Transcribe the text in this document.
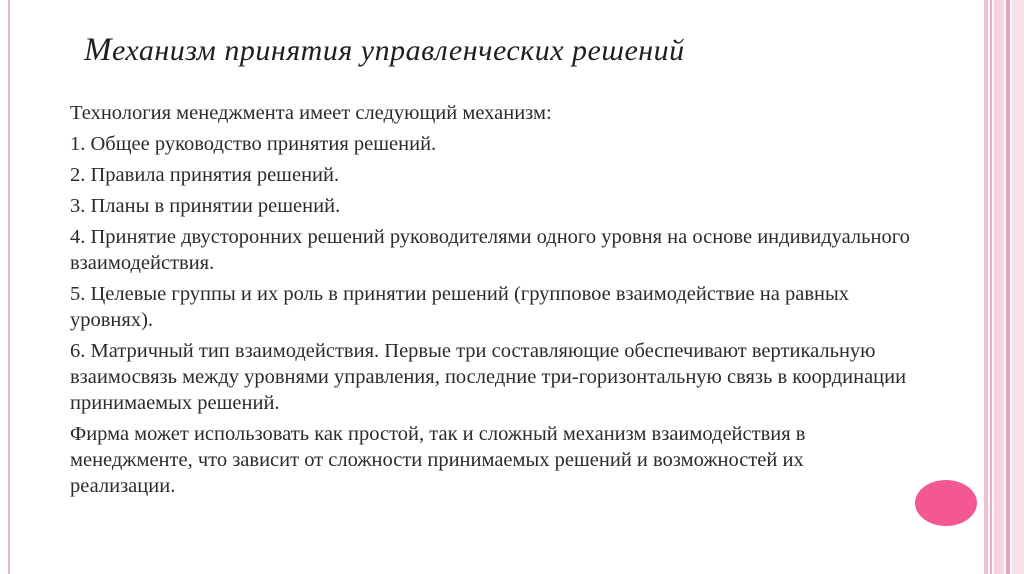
Механизм принятия управленческих решений

Технология менеджмента имеет следующий механизм:

1. Общее руководство принятия решений.

2. Правила принятия решений.

3. Планы в принятии решений.

4. Принятие двусторонних решений руководителями одного уровня на основе индивидуального взаимодействия.

5. Целевые группы и их роль в принятии решений (групповое взаимодействие на равных уровнях).

6. Матричный тип взаимодействия. Первые три составляющие обеспечивают вертикальную взаимосвязь между уровнями управления, последние три-горизонтальную связь в координации принимаемых решений.

Фирма может использовать как простой, так и сложный механизм взаимодействия в менеджменте, что зависит от сложности принимаемых решений и возможностей их реализации.
